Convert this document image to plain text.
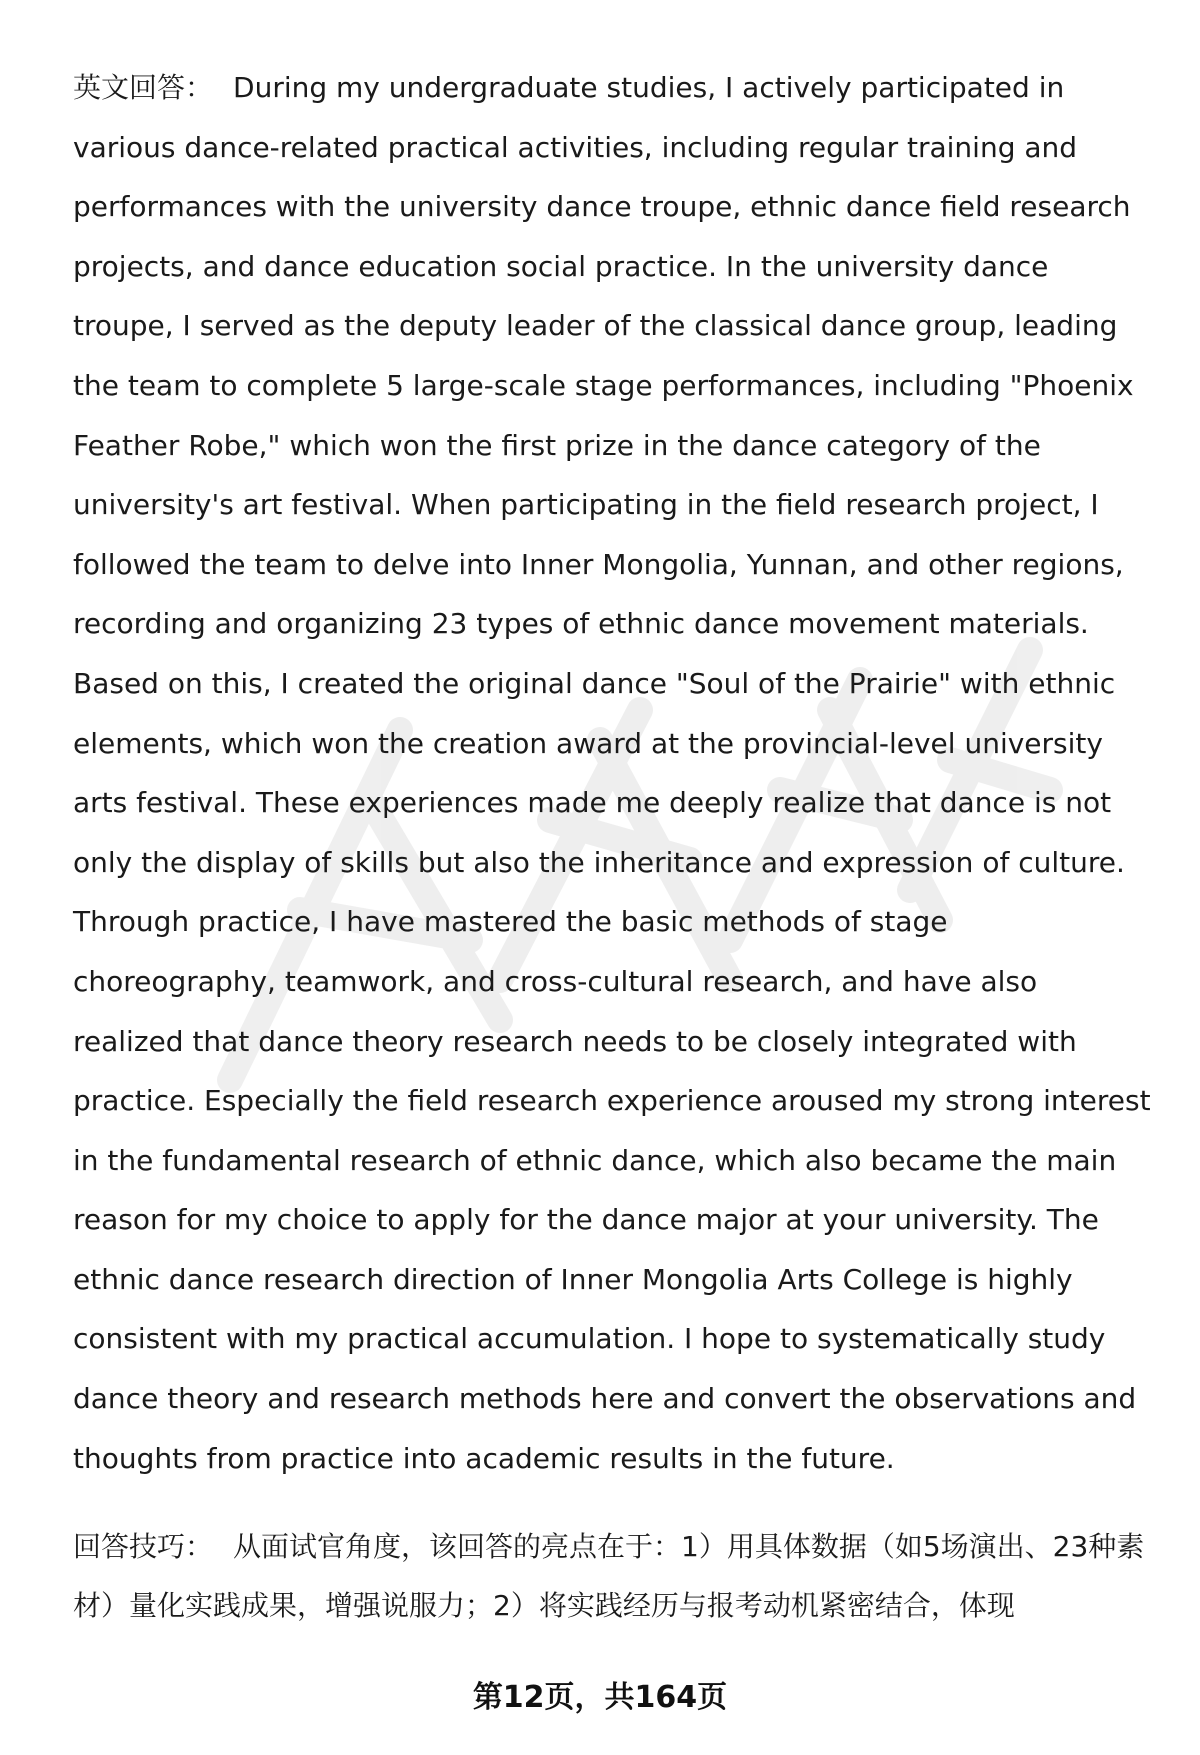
英文回答： During my undergraduate studies, I actively participated in various dance-related practical activities, including regular training and performances with the university dance troupe, ethnic dance field research projects, and dance education social practice. In the university dance troupe, I served as the deputy leader of the classical dance group, leading the team to complete 5 large-scale stage performances, including "Phoenix Feather Robe," which won the first prize in the dance category of the university's art festival. When participating in the field research project, I followed the team to delve into Inner Mongolia, Yunnan, and other regions, recording and organizing 23 types of ethnic dance movement materials. Based on this, I created the original dance "Soul of the Prairie" with ethnic elements, which won the creation award at the provincial-level university arts festival. These experiences made me deeply realize that dance is not only the display of skills but also the inheritance and expression of culture. Through practice, I have mastered the basic methods of stage choreography, teamwork, and cross-cultural research, and have also realized that dance theory research needs to be closely integrated with practice. Especially the field research experience aroused my strong interest in the fundamental research of ethnic dance, which also became the main reason for my choice to apply for the dance major at your university. The ethnic dance research direction of Inner Mongolia Arts College is highly consistent with my practical accumulation. I hope to systematically study dance theory and research methods here and convert the observations and thoughts from practice into academic results in the future.
回答技巧： 从面试官角度，该回答的亮点在于：1）用具体数据（如5场演出、23种素材）量化实践成果，增强说服力；2）将实践经历与报考动机紧密结合，体现
第12页，共164页
